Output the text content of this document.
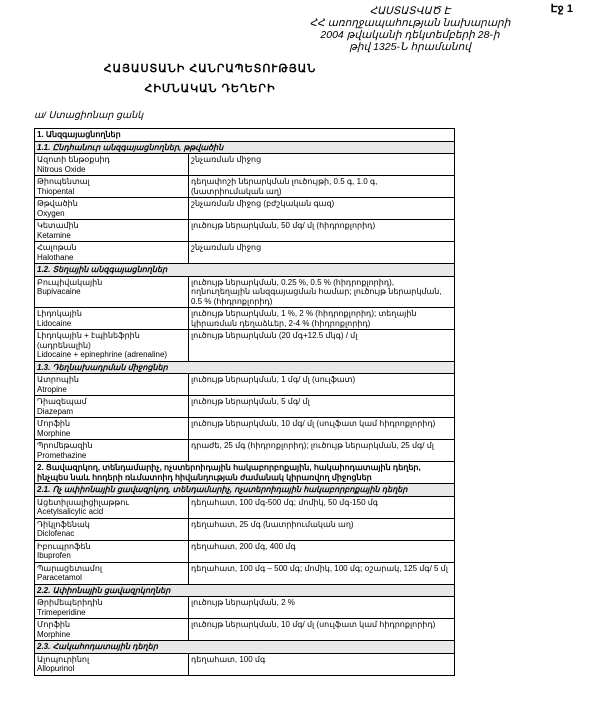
Էջ 1
ՀԱՍՏԱՏՎԱԾ Է
ՀՀ առողջապահության նախարարի
2004 թվականի դեկտեմբերի 28-ի
թիվ 1325-Ն հրամանով
ՀԱՅԱՍՏԱՆԻ ՀԱՆՐԱՊԵՏՈՒԹՅԱՆ
ՀԻՄՆԱԿԱՆ ԴԵՂԵՐԻ
ա/ Ստացիոնար ցանկ
1. Անզգայացնողներ	
1.1. Ընդհանուր անզգայացնողներ, թթվածին	

Ազոտի ենթօքսիդ
Nitrous Oxide	շնչառման միջոց

Թիոպենտալ
Thiopental	դեղափոշի ներարկման լուծույթի, 0.5 գ, 1.0 գ, (նատրիումական աղ)

Թթվածին
Oxygen	շնչառման միջոց (բժշկական գազ)

Կետամին
Ketamine	լուծույթ ներարկման, 50 մգ/ մլ (հիդրոքլորիդ)

Հալոթան
Halothane	շնչառման միջոց
1.2. Տեղային անզգայացնողներ	

Բուպիվակային
Bupivacaine	լուծույթ ներարկման, 0.25 %, 0.5 % (հիդրոքլորիդ), ողնուղեղային անզգայացման համար; լուծույթ ներարկման, 0.5 % (հիդրոքլորիդ)

Լիդոկային
Lidocaine	լուծույթ ներարկման, 1 %, 2 % (հիդրոքլորիդ); տեղային կիրառման դեղաձևեր, 2-4 % (հիդրոքլորիդ)

Լիդոկային + էպինեֆրին (ադրենալին)
Lidocaine + epinephrine (adrenaline)	լուծույթ ներարկման (20 մգ+12.5 մկգ) / մլ
1.3. Դեղնախադրման միջոցներ	

Ատրոպին
Atropine	լուծույթ ներարկման, 1 մգ/ մլ (սուլֆատ)

Դիազեպամ
Diazepam	լուծույթ ներարկման, 5 մգ/ մլ

Մորֆին
Morphine	լուծույթ ներարկման, 10 մգ/ մլ (սուլֆատ կամ հիդրոքլորիդ)

Պրոմեթազին
Promethazine	դրաժե, 25 մգ (հիդրոքլորիդ); լուծույթ ներարկման, 25 մգ/ մլ
2. Ցավազրկող, տենդամարիչ, ոչստերոիդային հակաբորբոքային, հակաիոդատային դեղեր, ինչպես նաև հոդերի ռևմատոիդ հիվանդության ժամանակ կիրառվող միջոցներ	
2.1. Ոչ ափիոնային ցավազրկող, տենդամարիչ, ոչստերոիդային հակաբորբոքային դեղեր	

Ացետիլսալիցիլաթթու
Acetylsalicylic acid	դեղահատ, 100 մգ-500 մգ; մոմիկ, 50 մգ-150 մգ

Դիկլոֆենակ
Diclofenac	դեղահատ, 25 մգ (նատրիումական աղ)

Իբուպրոֆեն
Ibuprofen	դեղահատ, 200 մգ, 400 մգ

Պարացետամոլ
Paracetamol	դեղահատ, 100 մգ – 500 մգ; մոմիկ, 100 մգ; օշարակ, 125 մգ/ 5 մլ
2.2. Ափիոնային ցավազրկողներ	

Թրիմեպերիդին
Trimeperidine	լուծույթ ներարկման, 2 %

Մորֆին
Morphine	լուծույթ ներարկման, 10 մգ/ մլ (սուլֆատ կամ հիդրոքլորիդ)
2.3. Հակահոդատային դեղեր	

Ալոպուրինոլ
Allopurinol	դեղահատ, 100 մգ
